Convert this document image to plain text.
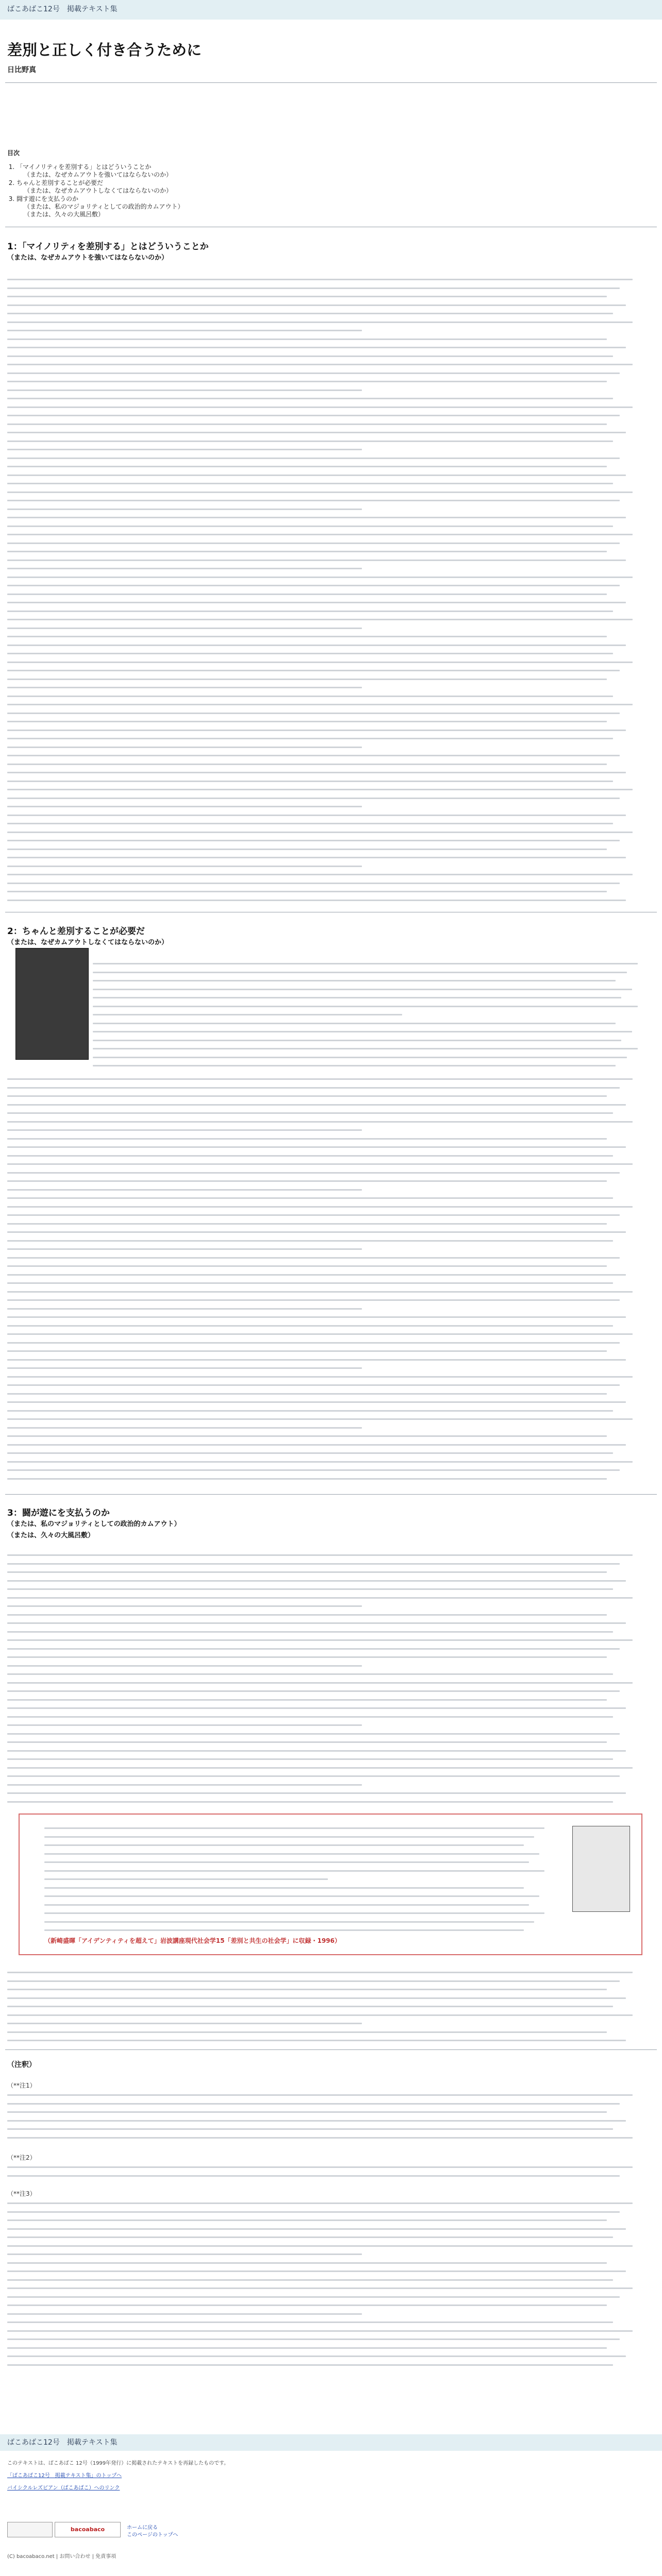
ばこあばこ12号　掲載テキスト集
差別と正しく付き合うために
日比野真
目次
1. 「マイノリティを差別する」とはどういうことか
（または、なぜカムアウトを強いてはならないのか）
2. ちゃんと差別することが必要だ
（または、なぜカムアウトしなくてはならないのか）
3. 闘す遊にを支払うのか
（または、私のマジョリティとしての政治的カムアウト）
（または、久々の大風呂敷）
1：「マイノリティを差別する」とはどういうことか
（または、なぜカムアウトを強いてはならないのか）
2：ちゃんと差別することが必要だ
（または、なぜカムアウトしなくてはならないのか）
3：闘が遊にを支払うのか
（または、私のマジョリティとしての政治的カムアウト）
（または、久々の大風呂敷）
（新崎盛暉「アイデンティティを超えて」岩波講座現代社会学15「差別と共生の社会学」に収録・1996）
（注釈）
（**注1）
（**注2）
（**注3）
ばこあばこ12号　掲載テキスト集
このテキストは、ばこあばこ 12号（1999年発行）に掲載されたテキストを再録したものです。
「ばこあばこ12号　掲載テキスト集」のトップへ
バイシクルレズビアン（ばこあばこ）へのリンク
bacoabaco	ホームに戻る
このページのトップへ
(C) bacoabaco.net | お問い合わせ | 免責事項
